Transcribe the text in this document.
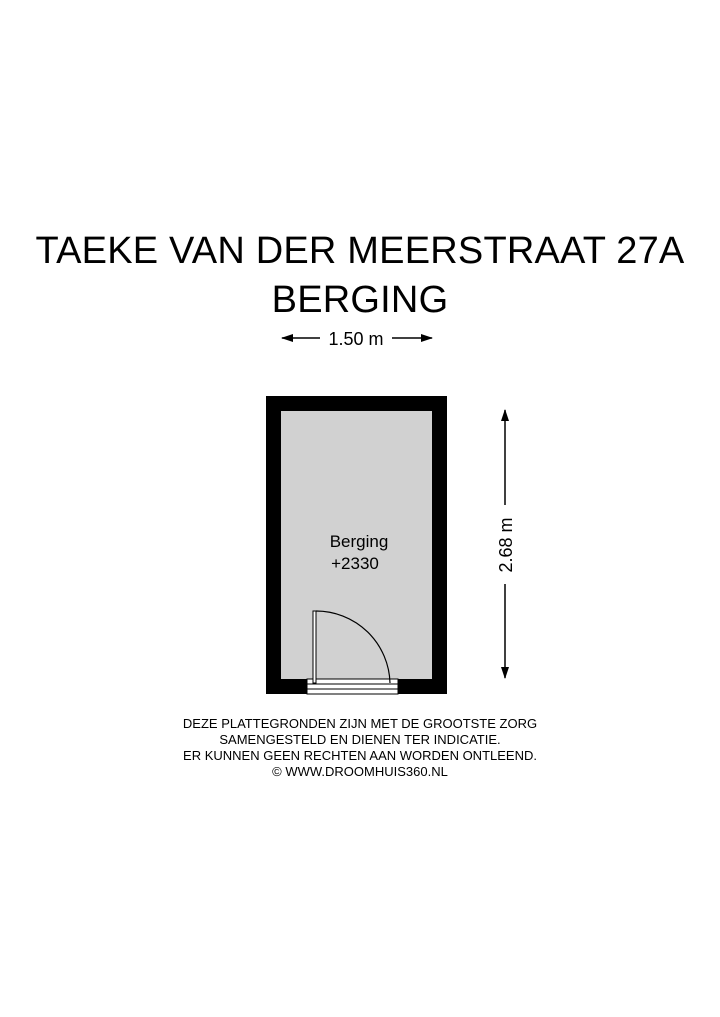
TAEKE VAN DER MEERSTRAAT 27A
BERGING
1.50 m
2.68 m
Berging
+2330
DEZE PLATTEGRONDEN ZIJN MET DE GROOTSTE ZORG
SAMENGESTELD EN DIENEN TER INDICATIE.
ER KUNNEN GEEN RECHTEN AAN WORDEN ONTLEEND.
© WWW.DROOMHUIS360.NL
